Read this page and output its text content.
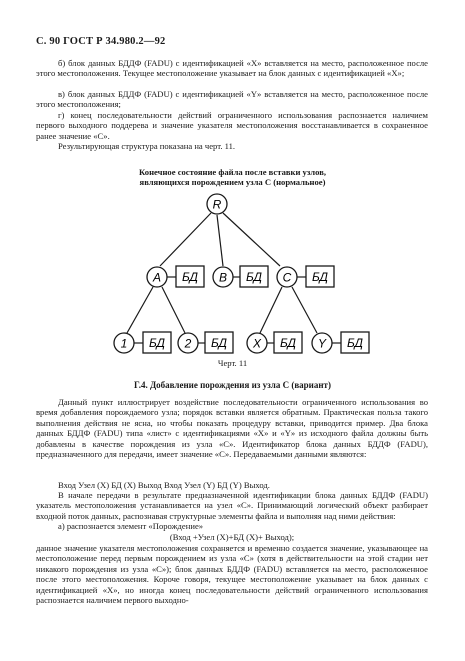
С. 90 ГОСТ Р 34.980.2—92

б) блок данных БДДФ (FADU) с идентификацией «X» вставляется на место, расположенное после этого местоположения. Текущее местоположение указывает на блок данных с идентификацией «X»;

в) блок данных БДДФ (FADU) с идентификацией «Y» вставляется на место, расположенное после этого местоположения;

г) конец последовательности действий ограниченного использования распознается наличием первого выходного поддерева и значение указателя местоположения восстанавливается в сохраненное ранее значение «C».

Результирующая структура показана на черт. 11.

Конечное состояние файла после вставки узлов,
являющихся порождением узла С (нормальное)
R
A БД B БД C БД
1 БД 2 БД X БД Y БД
Черт. 11
Г.4. Добавление порождения из узла С (вариант)

Данный пункт иллюстрирует воздействие последовательности ограниченного использования во время добавления порождаемого узла; порядок вставки является обратным. Практическая польза такого выполнения действия не ясна, но чтобы показать процедуру вставки, приводится пример. Два блока данных БДДФ (FADU) типа «лист» с идентификациями «X» и «Y» из исходного файла должны быть добавлены в качестве порождения из узла «C». Идентификатор блока данных БДДФ (FADU), предназначенного для передачи, имеет значение «C». Передаваемыми данными являются:

Вход Узел (X) БД (X) Выход Вход Узел (Y) БД (Y) Выход.

В начале передачи в результате предназначенной идентификации блока данных БДДФ (FADU) указатель местоположения устанавливается на узел «C». Принимающий логический объект разбирает входной поток данных, распознавая структурные элементы файла и выполняя над ними действия:

а) распознается элемент «Порождение»

(Вход +Узел (X)+БД (X)+ Выход);

данное значение указателя местоположения сохраняется и временно создается значение, указывающее на местоположение перед первым порождением из узла «C» (хотя в действительности на этой стадии нет никакого порождения из узла «C»); блок данных БДДФ (FADU) вставляется на место, расположенное после этого местоположения. Короче говоря, текущее местоположение указывает на блок данных с идентификацией «X», но иногда конец последовательности действий ограниченного использования распознается наличием первого выходно-
